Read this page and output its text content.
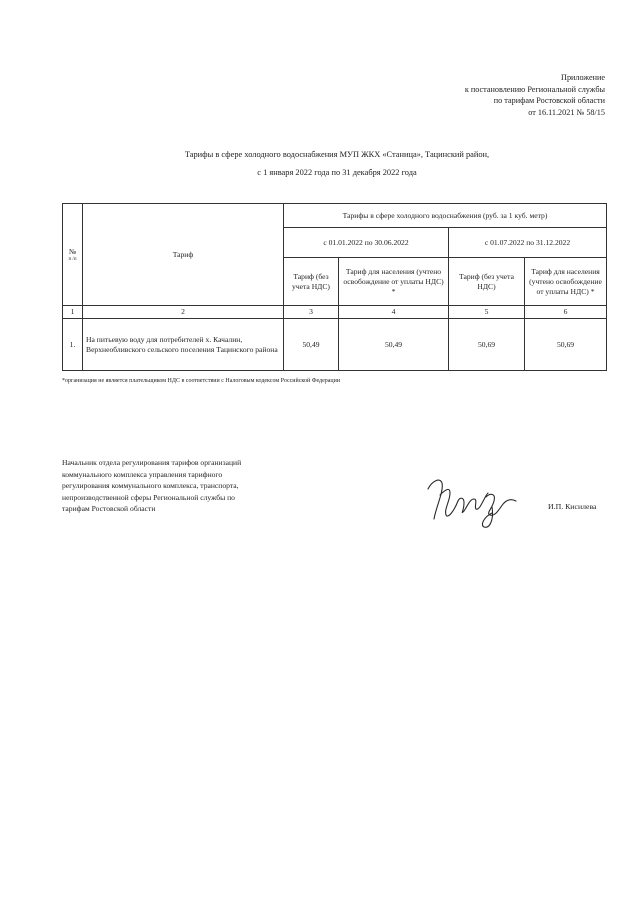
Приложение
к постановлению Региональной службы
по тарифам Ростовской области
от 16.11.2021 № 58/15
Тарифы в сфере холодного водоснабжения МУП ЖКХ «Станица», Тацинский район,
с 1 января 2022 года по 31 декабря 2022 года
№
п /п	Тариф	Тарифы в сфере холодного водоснабжения (руб. за 1 куб. метр)			
		с 01.01.2022 по 30.06.2022		с 01.07.2022 по 31.12.2022	
		Тариф (без учета НДС)	Тариф для населения (учтено освобождение от уплаты НДС) *	Тариф (без учета НДС)	Тариф для населения (учтено освобождение от уплаты НДС) *
1	2	3	4	5	6
1.	На питьевую воду для потребителей х. Качалин, Верхнеобливского сельского поселения Тацинского района	50,49	50,49	50,69	50,69
*организация не является плательщиком НДС в соответствии с Налоговым кодексом Российской Федерации
Начальник отдела регулирования тарифов организаций
коммунального комплекса управления тарифного
регулирования коммунального комплекса, транспорта,
непроизводственной сферы Региональной службы по
тарифам Ростовской области	И.П. Кисилева
